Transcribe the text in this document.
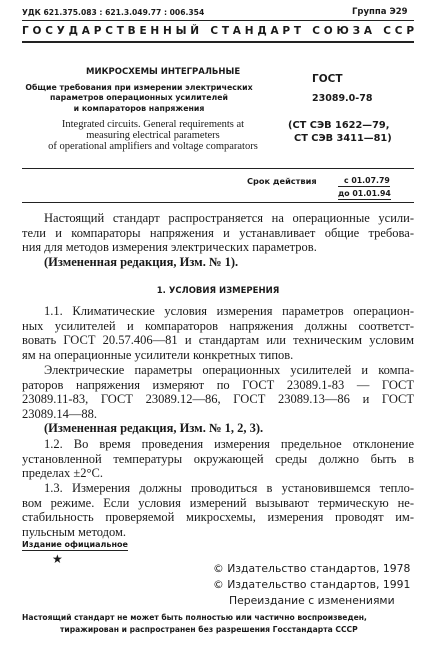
УДК 621.375.083 : 621.3.049.77 : 006.354	Группа Э29
ГОСУДАРСТВЕННЫЙ СТАНДАРТ СОЮЗА ССР
МИКРОСХЕМЫ ИНТЕГРАЛЬНЫЕ
Общие требования при измерении электрических
параметров операционных усилителей
и компараторов напряжения
Integrated circuits. General requirements at
measuring electrical parameters
of operational amplifiers and voltage comparators
ГОСТ
23089.0-78
(СТ СЭВ 1622—79,
СТ СЭВ 3411—81)
Срок действия	с 01.07.79
до 01.01.94
Настоящий стандарт распространяется на операционные усили-
тели и компараторы напряжения и устанавливает общие требова-
ния для методов измерения электрических параметров.
(Измененная редакция, Изм. № 1).
1. УСЛОВИЯ ИЗМЕРЕНИЯ
1.1. Климатические условия измерения параметров операцион-
ных усилителей и компараторов напряжения должны соответст-
вовать ГОСТ 20.57.406—81 и стандартам или техническим условим
ям на операционные усилители конкретных типов.
Электрические параметры операционных усилителей и компа-
раторов напряжения измеряют по ГОСТ 23089.1-83 — ГОСТ
23089.11-83, ГОСТ 23089.12—86, ГОСТ 23089.13—86 и ГОСТ
23089.14—88.
(Измененная редакция, Изм. № 1, 2, 3).
1.2. Во время проведения измерения предельное отклонение
установленной температуры окружающей среды должно быть в
пределах ±2°С.
1.3. Измерения должны проводиться в установившемся тепло-
вом режиме. Если условия измерений вызывают термическую не-
стабильность проверяемой микросхемы, измерения проводят им-
пульсным методом.
Издание официальное
★
© Издательство стандартов, 1978
© Издательство стандартов, 1991
Переиздание с изменениями
Настоящий стандарт не может быть полностью или частично воспроизведен,
тиражирован и распространен без разрешения Госстандарта СССР
